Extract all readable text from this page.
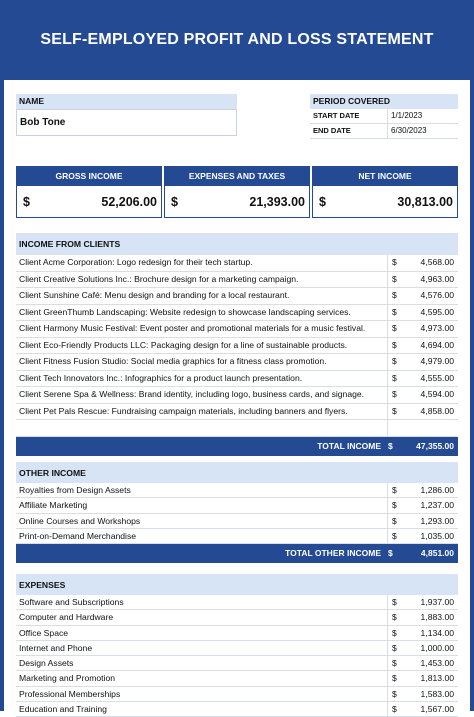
SELF-EMPLOYED PROFIT AND LOSS STATEMENT
NAME
Bob Tone
PERIOD COVERED
START DATE	1/1/2023
END DATE	6/30/2023
GROSS INCOME
$	52,206.00
EXPENSES AND TAXES
$	21,393.00
NET INCOME
$	30,813.00
INCOME FROM CLIENTS
Client Acme Corporation: Logo redesign for their tech startup.	$	4,568.00
Client Creative Solutions Inc.: Brochure design for a marketing campaign.	$	4,963.00
Client Sunshine Café: Menu design and branding for a local restaurant.	$	4,576.00
Client GreenThumb Landscaping: Website redesign to showcase landscaping services.	$	4,595.00
Client Harmony Music Festival: Event poster and promotional materials for a music festival.	$	4,973.00
Client Eco-Friendly Products LLC: Packaging design for a line of sustainable products.	$	4,694.00
Client Fitness Fusion Studio: Social media graphics for a fitness class promotion.	$	4,979.00
Client Tech Innovators Inc.: Infographics for a product launch presentation.	$	4,555.00
Client Serene Spa & Wellness: Brand identity, including logo, business cards, and signage.	$	4,594.00
Client Pet Pals Rescue: Fundraising campaign materials, including banners and flyers.	$	4,858.00
TOTAL INCOME $	47,355.00
OTHER INCOME
Royalties from Design Assets	$	1,286.00
Affiliate Marketing	$	1,237.00
Online Courses and Workshops	$	1,293.00
Print-on-Demand Merchandise	$	1,035.00
TOTAL OTHER INCOME $	4,851.00
EXPENSES
Software and Subscriptions	$	1,937.00
Computer and Hardware	$	1,883.00
Office Space	$	1,134.00
Internet and Phone	$	1,000.00
Design Assets	$	1,453.00
Marketing and Promotion	$	1,813.00
Professional Memberships	$	1,583.00
Education and Training	$	1,567.00
